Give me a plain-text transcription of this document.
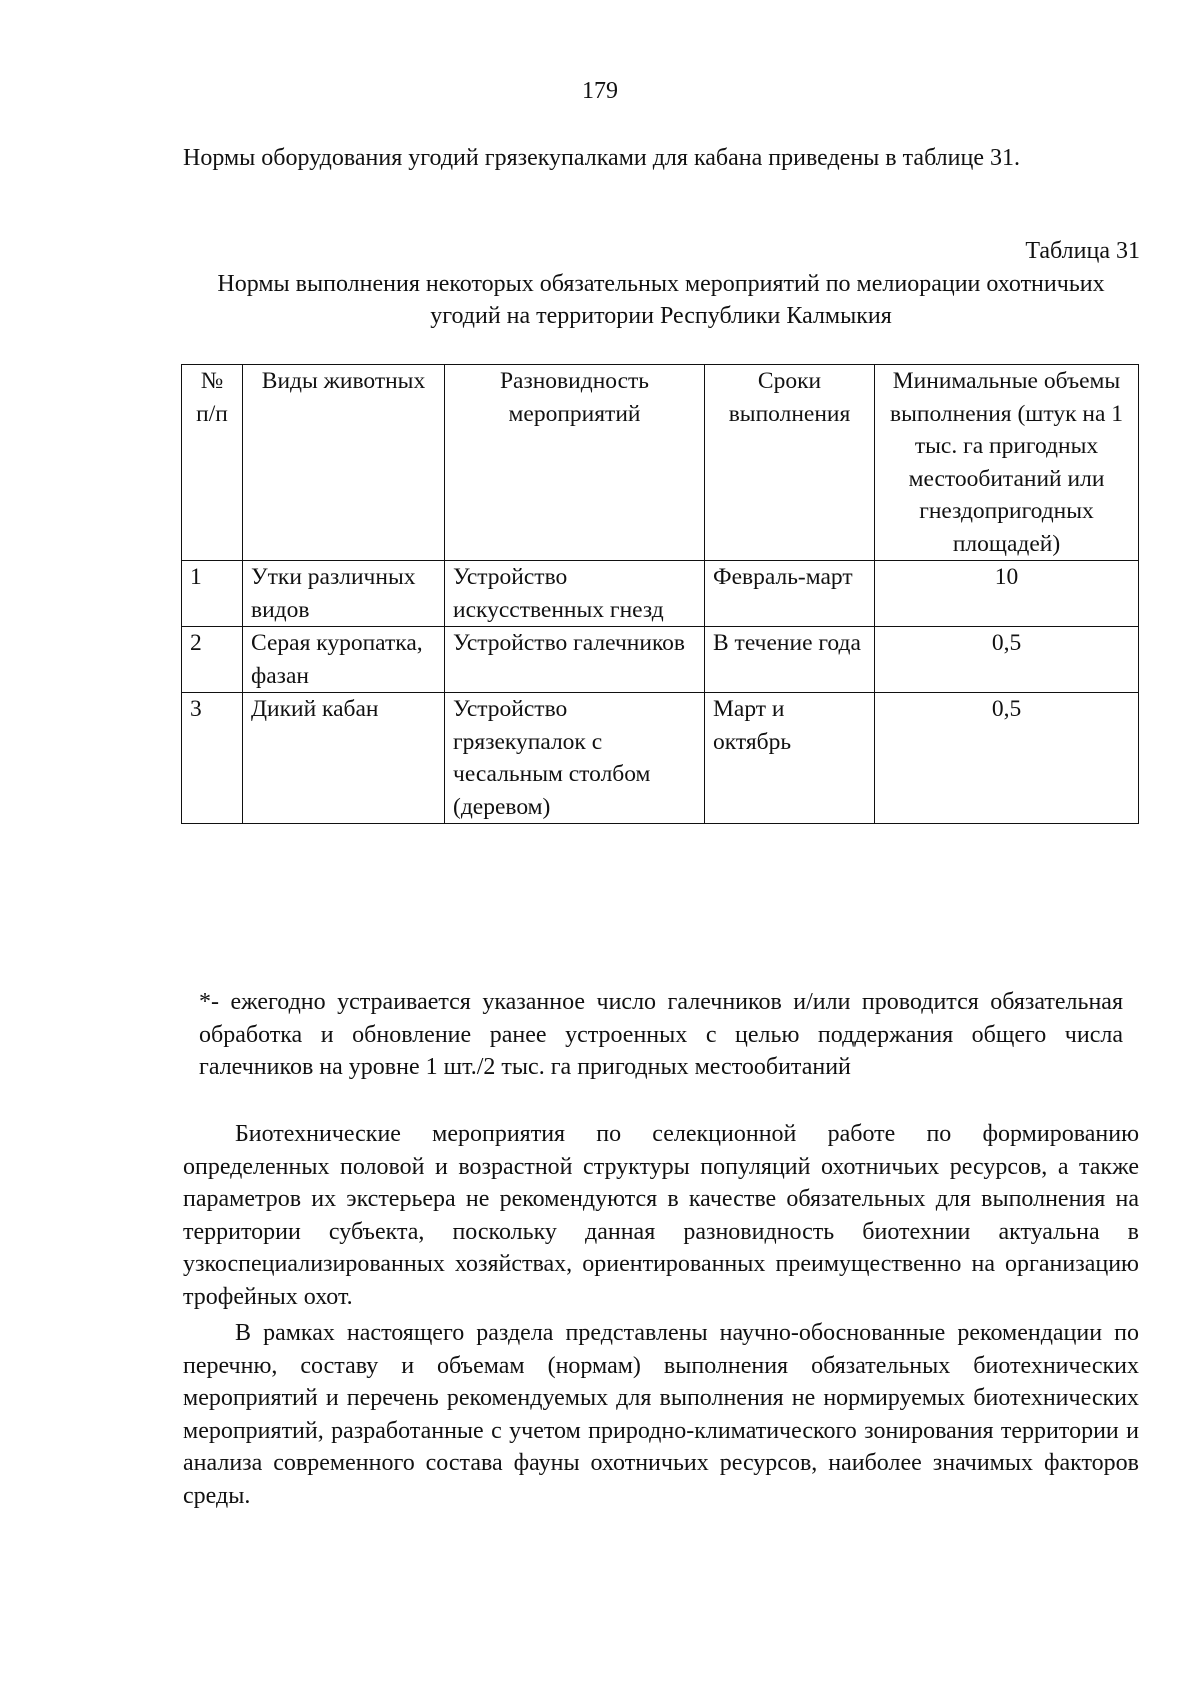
179
Нормы оборудования угодий грязекупалками для кабана приведены в таблице 31.
Таблица 31
Нормы выполнения некоторых обязательных мероприятий по мелиорации охотничьих угодий на территории Республики Калмыкия
№ п/п	Виды животных	Разновидность мероприятий	Сроки выполнения	Минимальные объемы выполнения (штук на 1 тыс. га пригодных местообитаний или гнездопригодных площадей)
1	Утки различных видов	Устройство искусственных гнезд	Февраль-март	10
2	Серая куропатка, фазан	Устройство галечников	В течение года	0,5
3	Дикий кабан	Устройство грязекупалок с чесальным столбом (деревом)	Март и октябрь	0,5
*- ежегодно устраивается указанное число галечников и/или проводится обязательная обработка и обновление ранее устроенных с целью поддержания общего числа галечников на уровне 1 шт./2 тыс. га пригодных местообитаний

Биотехнические мероприятия по селекционной работе по формированию определенных половой и возрастной структуры популяций охотничьих ресурсов, а также параметров их экстерьера не рекомендуются в качестве обязательных для выполнения на территории субъекта, поскольку данная разновидность биотехнии актуальна в узкоспециализированных хозяйствах, ориентированных преимущественно на организацию трофейных охот.

В рамках настоящего раздела представлены научно-обоснованные рекомендации по перечню, составу и объемам (нормам) выполнения обязательных биотехнических мероприятий и перечень рекомендуемых для выполнения не нормируемых биотехнических мероприятий, разработанные с учетом природно-климатического зонирования территории и анализа современного состава фауны охотничьих ресурсов, наиболее значимых факторов среды.
